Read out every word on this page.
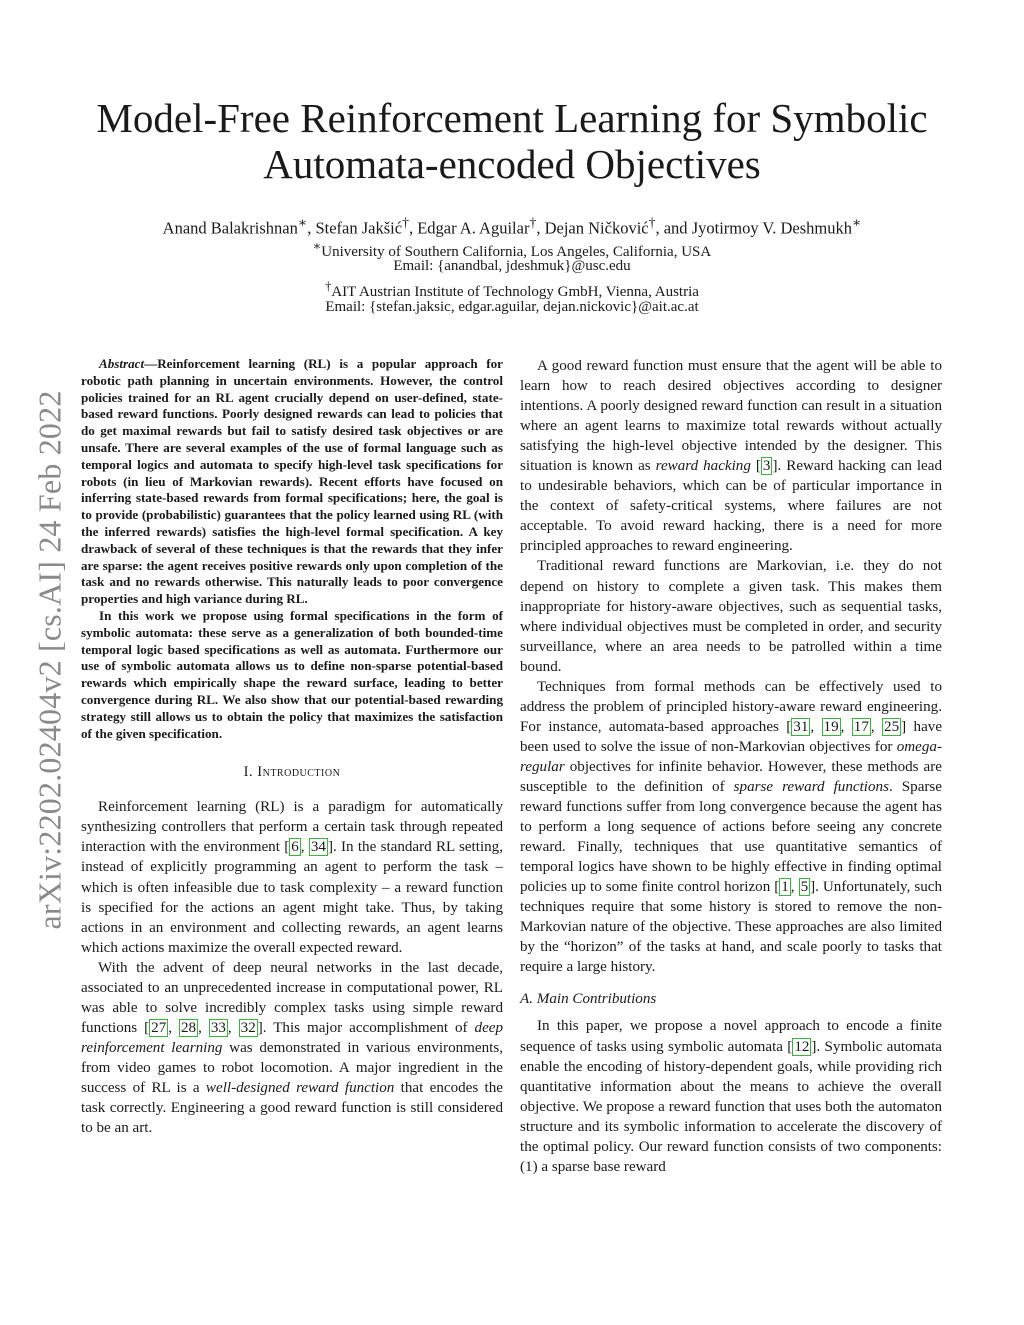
Model-Free Reinforcement Learning for Symbolic
Automata-encoded Objectives
Anand Balakrishnan∗, Stefan Jakšić†, Edgar A. Aguilar†, Dejan Ničković†, and Jyotirmoy V. Deshmukh∗
∗University of Southern California, Los Angeles, California, USA
Email: {anandbal, jdeshmuk}@usc.edu
†AIT Austrian Institute of Technology GmbH, Vienna, Austria
Email: {stefan.jaksic, edgar.aguilar, dejan.nickovic}@ait.ac.at
arXiv:2202.02404v2 [cs.AI] 24 Feb 2022

Abstract—Reinforcement learning (RL) is a popular approach for robotic path planning in uncertain environments. However, the control policies trained for an RL agent crucially depend on user-defined, state-based reward functions. Poorly designed rewards can lead to policies that do get maximal rewards but fail to satisfy desired task objectives or are unsafe. There are several examples of the use of formal language such as temporal logics and automata to specify high-level task specifications for robots (in lieu of Markovian rewards). Recent efforts have focused on inferring state-based rewards from formal specifications; here, the goal is to provide (probabilistic) guarantees that the policy learned using RL (with the inferred rewards) satisfies the high-level formal specification. A key drawback of several of these techniques is that the rewards that they infer are sparse: the agent receives positive rewards only upon completion of the task and no rewards otherwise. This naturally leads to poor convergence properties and high variance during RL.

In this work we propose using formal specifications in the form of symbolic automata: these serve as a generalization of both bounded-time temporal logic based specifications as well as automata. Furthermore our use of symbolic automata allows us to define non-sparse potential-based rewards which empirically shape the reward surface, leading to better convergence during RL. We also show that our potential-based rewarding strategy still allows us to obtain the policy that maximizes the satisfaction of the given specification.

I. Introduction

Reinforcement learning (RL) is a paradigm for automatically synthesizing controllers that perform a certain task through repeated interaction with the environment [ 6 , 34 ]. In the standard RL setting, instead of explicitly programming an agent to perform the task – which is often infeasible due to task complexity – a reward function is specified for the actions an agent might take. Thus, by taking actions in an environment and collecting rewards, an agent learns which actions maximize the overall expected reward.

With the advent of deep neural networks in the last decade, associated to an unprecedented increase in computational power, RL was able to solve incredibly complex tasks using simple reward functions [ 27 , 28 , 33 , 32 ]. This major accomplishment of deep reinforcement learning was demonstrated in various environments, from video games to robot locomotion. A major ingredient in the success of RL is a well-designed reward function that encodes the task correctly. Engineering a good reward function is still considered to be an art.

A good reward function must ensure that the agent will be able to learn how to reach desired objectives according to designer intentions. A poorly designed reward function can result in a situation where an agent learns to maximize total rewards without actually satisfying the high-level objective intended by the designer. This situation is known as reward hacking [ 3 ]. Reward hacking can lead to undesirable behaviors, which can be of particular importance in the context of safety-critical systems, where failures are not acceptable. To avoid reward hacking, there is a need for more principled approaches to reward engineering.

Traditional reward functions are Markovian, i.e. they do not depend on history to complete a given task. This makes them inappropriate for history-aware objectives, such as sequential tasks, where individual objectives must be completed in order, and security surveillance, where an area needs to be patrolled within a time bound.

Techniques from formal methods can be effectively used to address the problem of principled history-aware reward engineering. For instance, automata-based approaches [ 31 , 19 , 17 , 25 ] have been used to solve the issue of non-Markovian objectives for omega-regular objectives for infinite behavior. However, these methods are susceptible to the definition of sparse reward functions. Sparse reward functions suffer from long convergence because the agent has to perform a long sequence of actions before seeing any concrete reward. Finally, techniques that use quantitative semantics of temporal logics have shown to be highly effective in finding optimal policies up to some finite control horizon [ 1 , 5 ]. Unfortunately, such techniques require that some history is stored to remove the non-Markovian nature of the objective. These approaches are also limited by the “horizon” of the tasks at hand, and scale poorly to tasks that require a large history.

A. Main Contributions

In this paper, we propose a novel approach to encode a finite sequence of tasks using symbolic automata [ 12 ]. Symbolic automata enable the encoding of history-dependent goals, while providing rich quantitative information about the means to achieve the overall objective. We propose a reward function that uses both the automaton structure and its symbolic information to accelerate the discovery of the optimal policy. Our reward function consists of two components: (1) a sparse base reward
